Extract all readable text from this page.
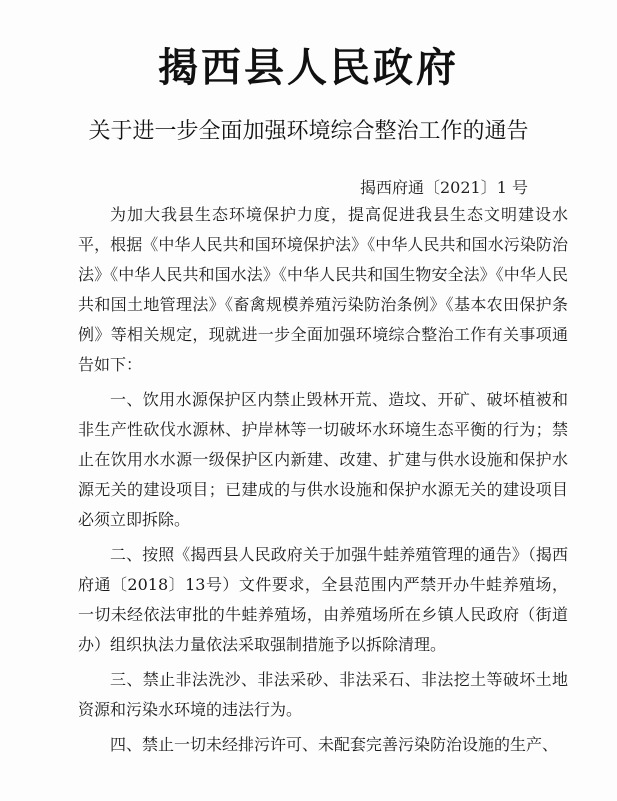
揭西县人民政府
关于进一步全面加强环境综合整治工作的通告
揭西府通〔2021〕1 号

为加大我县生态环境保护力度，提高促进我县生态文明建设水平，根据《中华人民共和国环境保护法》《中华人民共和国水污染防治法》《中华人民共和国水法》《中华人民共和国生物安全法》《中华人民共和国土地管理法》《畜禽规模养殖污染防治条例》《基本农田保护条例》等相关规定，现就进一步全面加强环境综合整治工作有关事项通告如下：

一、饮用水源保护区内禁止毁林开荒、造坟、开矿、破坏植被和非生产性砍伐水源林、护岸林等一切破坏水环境生态平衡的行为；禁止在饮用水水源一级保护区内新建、改建、扩建与供水设施和保护水源无关的建设项目；已建成的与供水设施和保护水源无关的建设项目必须立即拆除。

二、按照《揭西县人民政府关于加强牛蛙养殖管理的通告》（揭西府通〔2018〕13号）文件要求，全县范围内严禁开办牛蛙养殖场，一切未经依法审批的牛蛙养殖场，由养殖场所在乡镇人民政府（街道办）组织执法力量依法采取强制措施予以拆除清理。

三、禁止非法洗沙、非法采砂、非法采石、非法挖土等破坏土地资源和污染水环境的违法行为。

四、禁止一切未经排污许可、未配套完善污染防治设施的生产、
